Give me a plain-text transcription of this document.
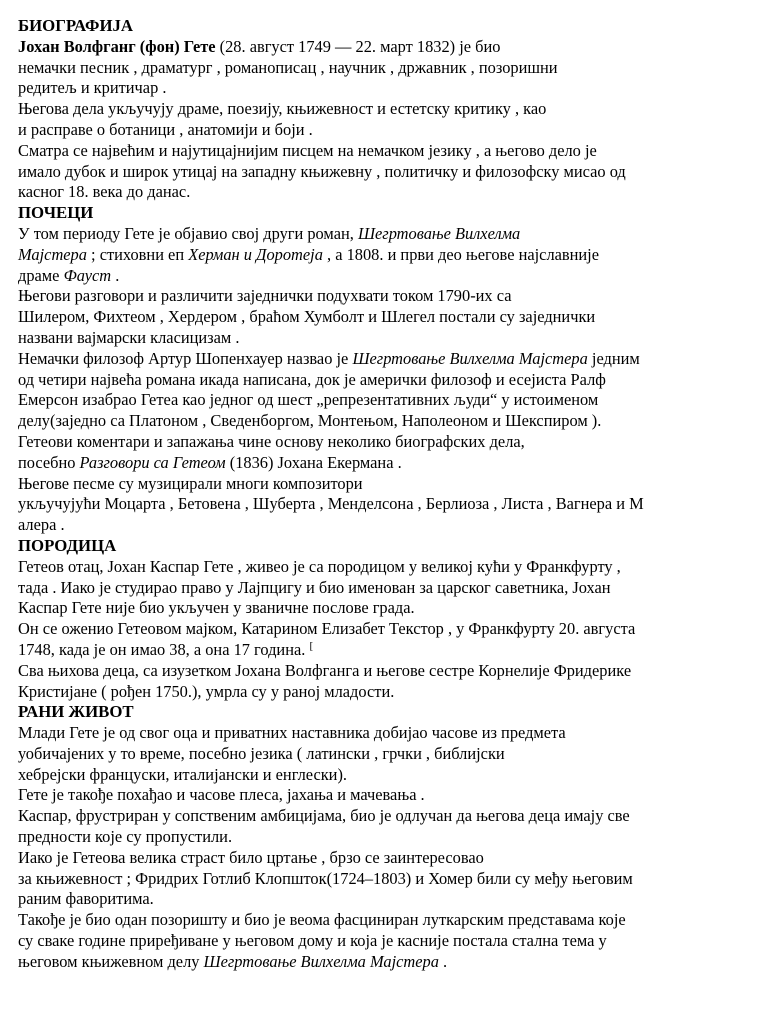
БИОГРАФИЈА

Јохан Волфганг (фон) Гете (28. август 1749 — 22. март 1832) је био

немачки песник , драматург , романописац , научник , државник , позоришни

редитељ и критичар .

Његова дела укључују драме, поезију, књижевност и естетску критику , као

и расправе о ботаници , анатомији и боји .

Сматра се највећим и најутицајнијим писцем на немачком језику , а његово дело је

имало дубок и широк утицај на западну књижевну , политичку и филозофску мисао од

касног 18. века до данас.

ПОЧЕЦИ

У том периоду Гете је објавио свој други роман, Шегртовање Вилхелма

Мајстера ; стиховни еп Херман и Доротеја , а 1808. и први део његове најславније

драме Фауст .

Његови разговори и различити заједнички подухвати током 1790-их са

Шилером, Фихтеом , Хердером , браћом Хумболт и Шлегел постали су заједнички

названи вајмарски класицизам .

Немачки филозоф Артур Шопенхауер назвао је Шегртовање Вилхелма Мајстера једним

од четири највећа романа икада написана, док је амерички филозоф и есејиста Ралф

Емерсон изабрао Гетеа као једног од шест „репрезентативних људи“ у истоименом

делу(заједно са Платоном , Сведенборгом, Монтењом, Наполеоном и Шекспиром ).

Гетеови коментари и запажања чине основу неколико биографских дела,

посебно Разговори са Гетеом (1836) Јохана Екермана .

Његове песме су музицирали многи композитори

укључујући Моцарта , Бетовена , Шуберта , Менделсона , Берлиоза , Листа , Вагнера и М

алера .

ПОРОДИЦА

Гетеов отац, Јохан Каспар Гете , живео је са породицом у великој кући у Франкфурту ,

тада . Иако је студирао право у Лајпцигу и био именован за царског саветника, Јохан

Каспар Гете није био укључен у званичне послове града.

Он се оженио Гетеовом мајком, Катарином Елизабет Текстор , у Франкфурту 20. августа

1748, када је он имао 38, а она 17 година. [

Сва њихова деца, са изузетком Јохана Волфганга и његове сестре Корнелије Фридерике

Кристијане ( рођен 1750.), умрла су у раној младости.

РАНИ ЖИВОТ

Млади Гете је од свог оца и приватних наставника добијао часове из предмета

уобичајених у то време, посебно језика ( латински , грчки , библијски

хебрејски француски, италијански и енглески).

Гете је такође похађао и часове плеса, јахања и мачевања .

Каспар, фрустриран у сопственим амбицијама, био је одлучан да његова деца имају све

предности које су пропустили.

Иако је Гетеова велика страст било цртање , брзо се заинтересовао

за књижевност ; Фридрих Готлиб Клопшток(1724–1803) и Хомер били су међу његовим

раним фаворитима.

Такође је био одан позоришту и био је веома фасциниран луткарским представама које

су сваке године приређиване у његовом дому и која је касније постала стална тема у

његовом књижевном делу Шегртовање Вилхелма Мајстера .
